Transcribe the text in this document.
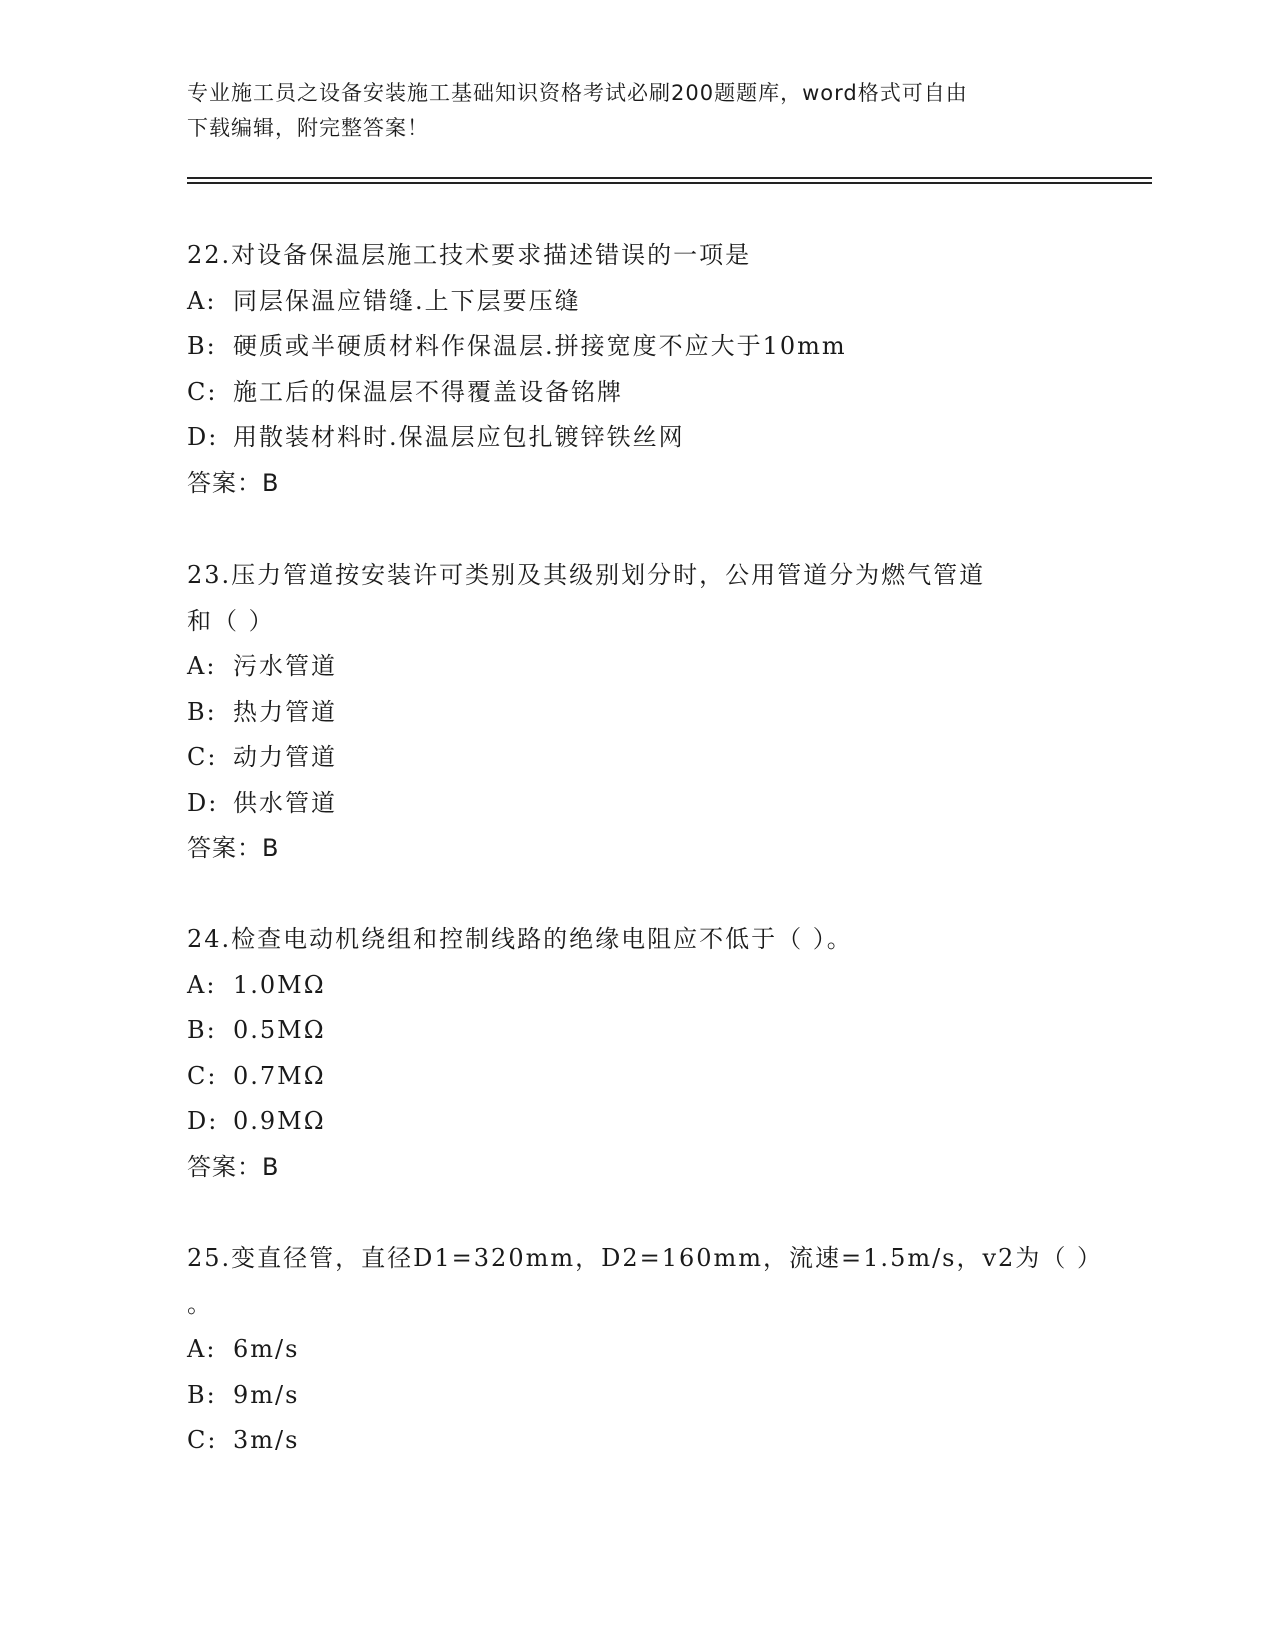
专业施工员之设备安装施工基础知识资格考试必刷200题题库，word格式可自由
下载编辑，附完整答案！
22.对设备保温层施工技术要求描述错误的一项是
A: 同层保温应错缝.上下层要压缝
B: 硬质或半硬质材料作保温层.拼接宽度不应大于10mm
C: 施工后的保温层不得覆盖设备铭牌
D: 用散装材料时.保温层应包扎镀锌铁丝网
答案：B
23.压力管道按安装许可类别及其级别划分时，公用管道分为燃气管道
和（ ）
A: 污水管道
B: 热力管道
C: 动力管道
D: 供水管道
答案：B
24.检查电动机绕组和控制线路的绝缘电阻应不低于（ ）。
A: 1.0MΩ
B: 0.5MΩ
C: 0.7MΩ
D: 0.9MΩ
答案：B
25.变直径管，直径D1=320mm，D2=160mm，流速=1.5m/s，v2为（ ）
。
A: 6m/s
B: 9m/s
C: 3m/s
